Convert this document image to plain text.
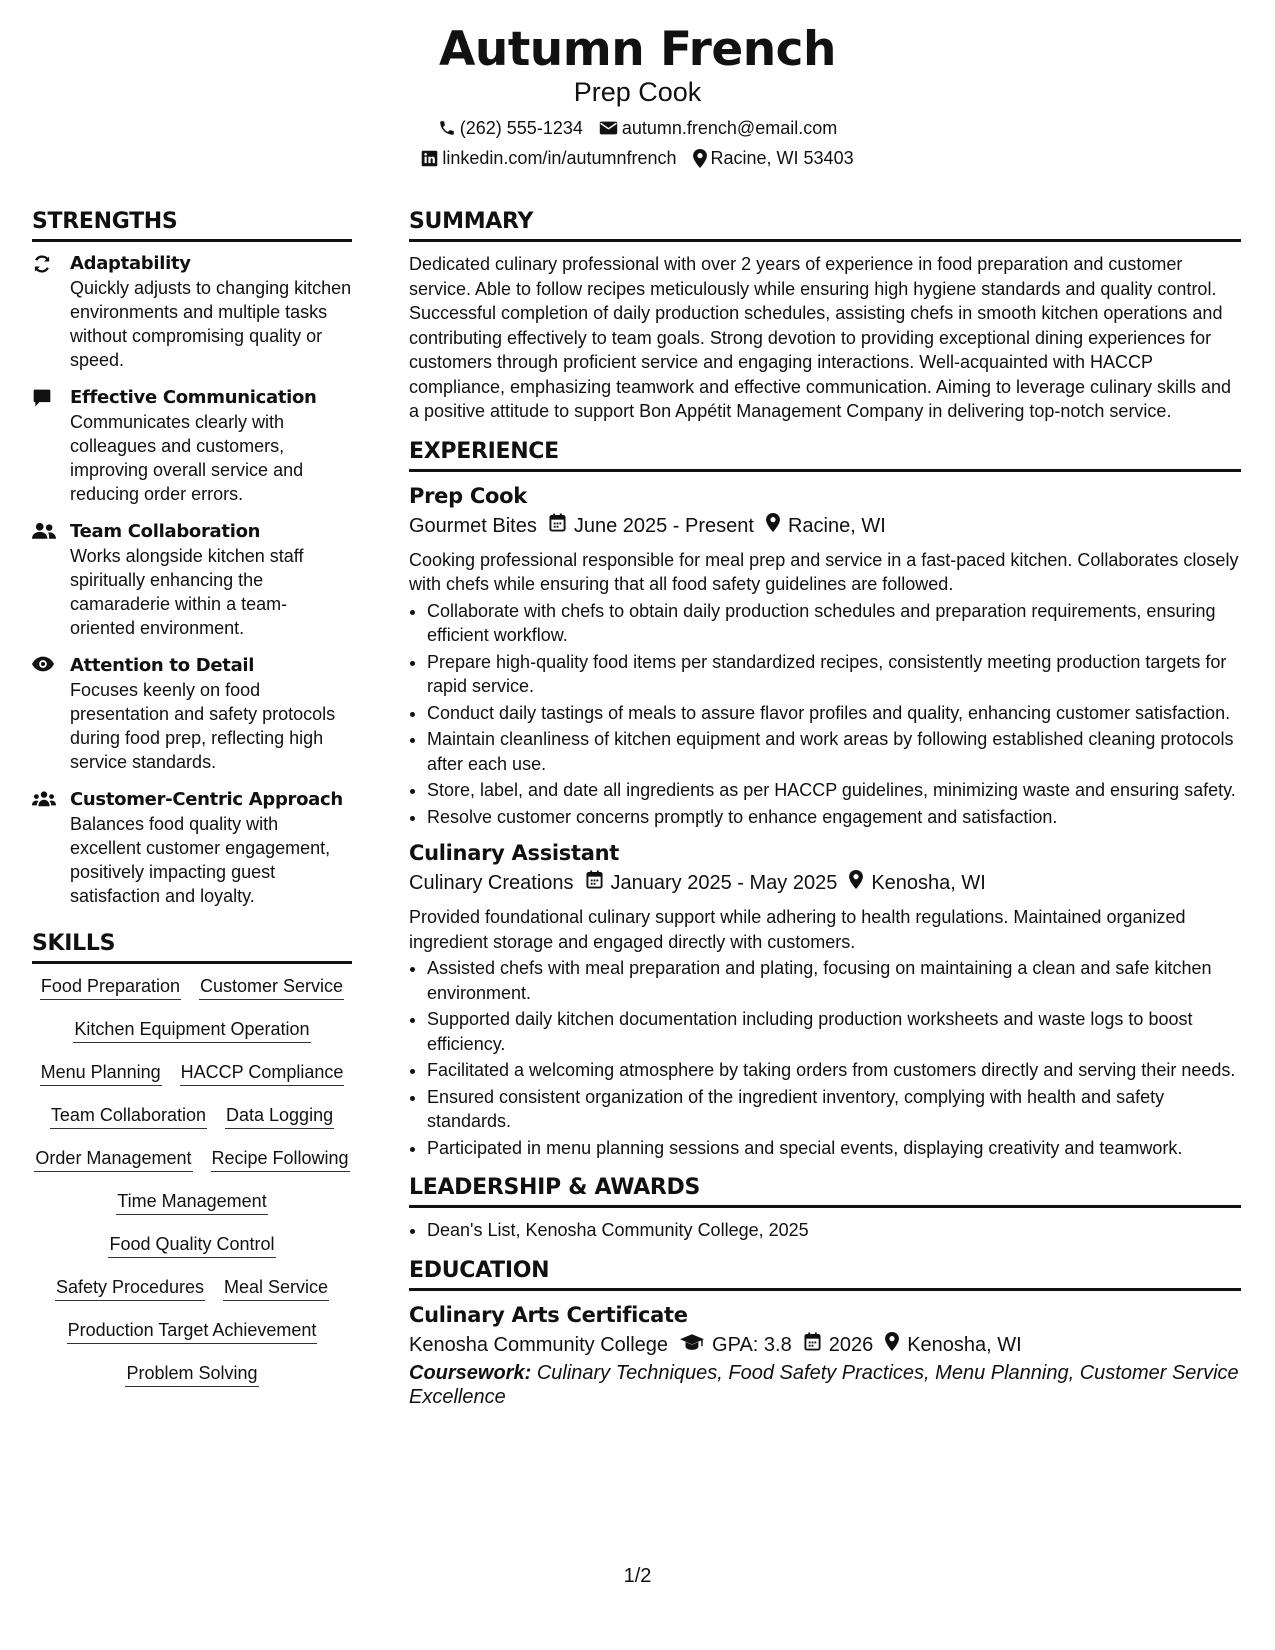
Autumn French
Prep Cook
(262) 555-1234 autumn.french@email.com
linkedin.com/in/autumnfrench Racine, WI 53403
STRENGTHS
Adaptability
Quickly adjusts to changing kitchen environments and multiple tasks without compromising quality or speed.
Effective Communication
Communicates clearly with colleagues and customers, improving overall service and reducing order errors.
Team Collaboration
Works alongside kitchen staff spiritually enhancing the camaraderie within a team-oriented environment.
Attention to Detail
Focuses keenly on food presentation and safety protocols during food prep, reflecting high service standards.
Customer-Centric Approach
Balances food quality with excellent customer engagement, positively impacting guest satisfaction and loyalty.
SKILLS
Food Preparation Customer Service
Kitchen Equipment Operation
Menu Planning HACCP Compliance
Team Collaboration Data Logging
Order Management Recipe Following
Time Management
Food Quality Control
Safety Procedures Meal Service
Production Target Achievement
Problem Solving
SUMMARY
Dedicated culinary professional with over 2 years of experience in food preparation and customer service. Able to follow recipes meticulously while ensuring high hygiene standards and quality control. Successful completion of daily production schedules, assisting chefs in smooth kitchen operations and contributing effectively to team goals. Strong devotion to providing exceptional dining experiences for customers through proficient service and engaging interactions. Well-acquainted with HACCP compliance, emphasizing teamwork and effective communication. Aiming to leverage culinary skills and a positive attitude to support Bon Appétit Management Company in delivering top-notch service.
EXPERIENCE
Prep Cook
Gourmet Bites June 2025 - Present Racine, WI
Cooking professional responsible for meal prep and service in a fast-paced kitchen. Collaborates closely with chefs while ensuring that all food safety guidelines are followed.
• Collaborate with chefs to obtain daily production schedules and preparation requirements, ensuring efficient workflow.
• Prepare high-quality food items per standardized recipes, consistently meeting production targets for rapid service.
• Conduct daily tastings of meals to assure flavor profiles and quality, enhancing customer satisfaction.
• Maintain cleanliness of kitchen equipment and work areas by following established cleaning protocols after each use.
• Store, label, and date all ingredients as per HACCP guidelines, minimizing waste and ensuring safety.
• Resolve customer concerns promptly to enhance engagement and satisfaction.
Culinary Assistant
Culinary Creations January 2025 - May 2025 Kenosha, WI
Provided foundational culinary support while adhering to health regulations. Maintained organized ingredient storage and engaged directly with customers.
• Assisted chefs with meal preparation and plating, focusing on maintaining a clean and safe kitchen environment.
• Supported daily kitchen documentation including production worksheets and waste logs to boost efficiency.
• Facilitated a welcoming atmosphere by taking orders from customers directly and serving their needs.
• Ensured consistent organization of the ingredient inventory, complying with health and safety standards.
• Participated in menu planning sessions and special events, displaying creativity and teamwork.
LEADERSHIP & AWARDS
• Dean's List, Kenosha Community College, 2025
EDUCATION
Culinary Arts Certificate
Kenosha Community College GPA: 3.8 2026 Kenosha, WI
Coursework: Culinary Techniques, Food Safety Practices, Menu Planning, Customer Service Excellence
1/2
